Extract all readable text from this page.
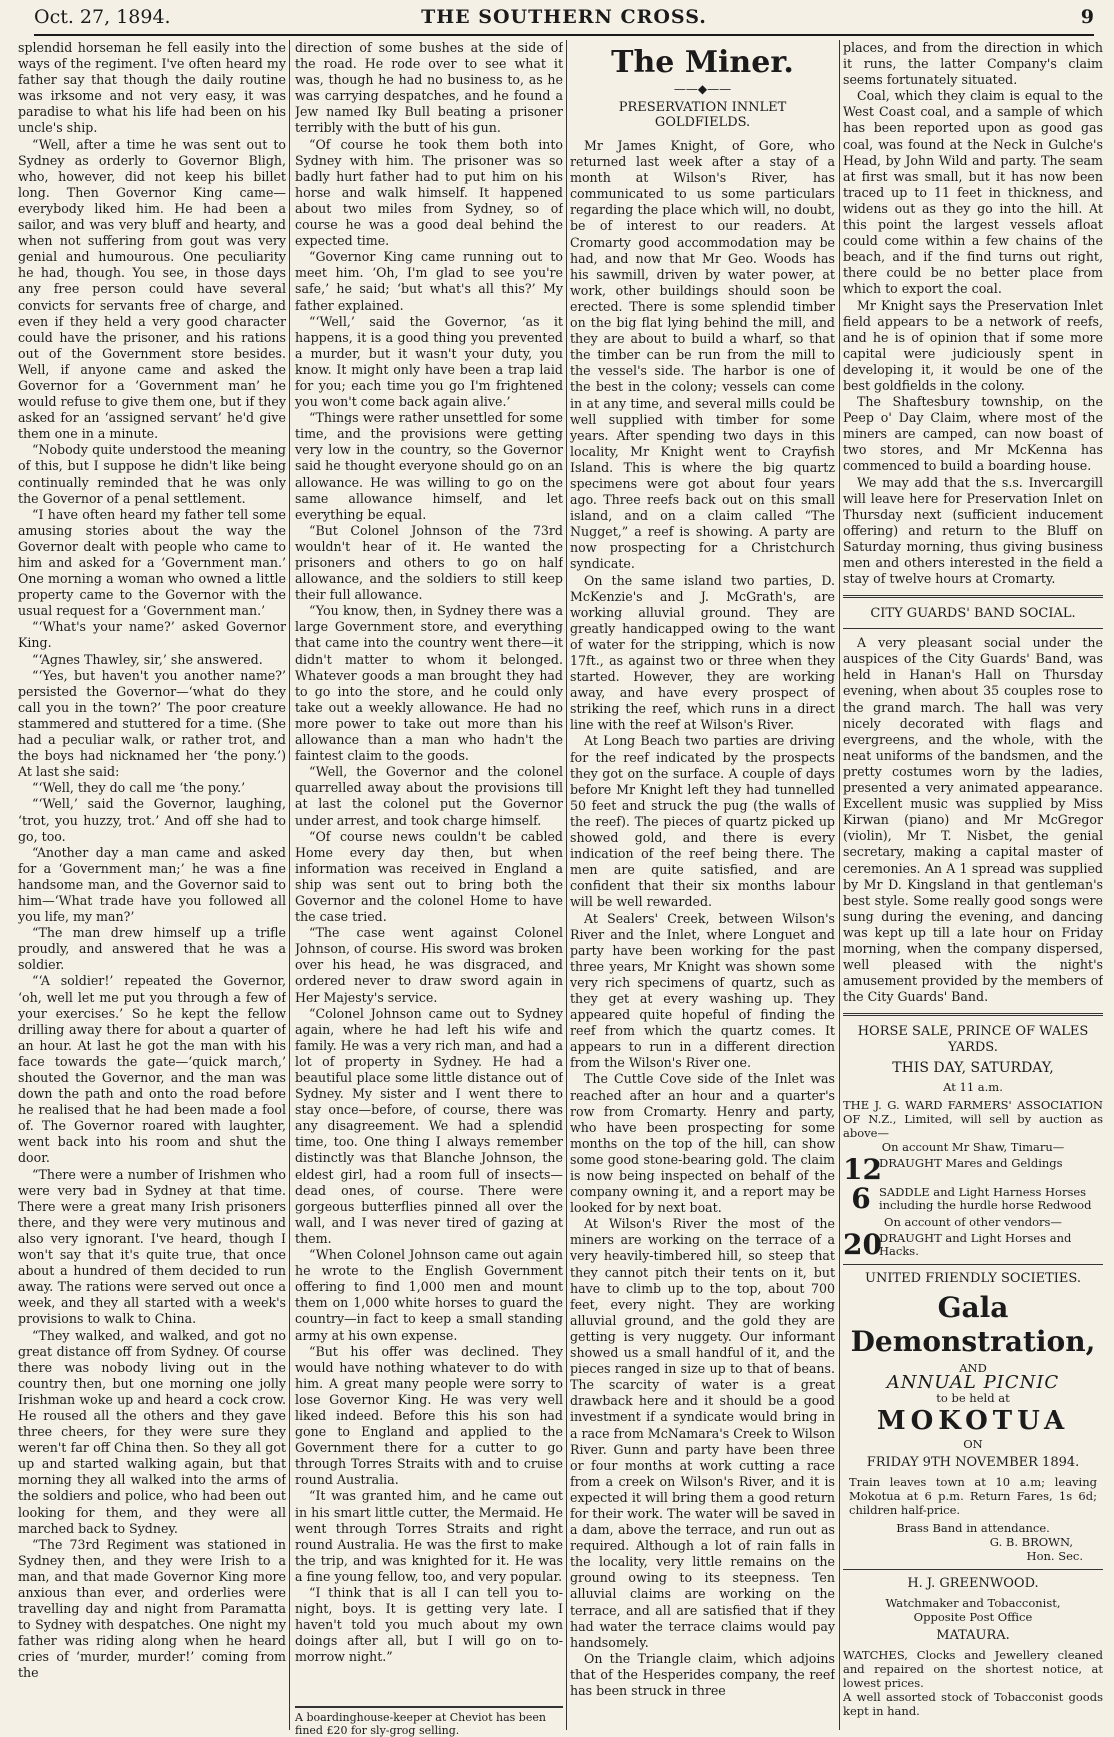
Oct. 27, 1894.	THE SOUTHERN CROSS.	9

splendid horseman he fell easily into the ways of the regiment. I've often heard my father say that though the daily routine was irksome and not very easy, it was paradise to what his life had been on his uncle's ship.

“Well, after a time he was sent out to Sydney as orderly to Governor Bligh, who, however, did not keep his billet long. Then Governor King came—everybody liked him. He had been a sailor, and was very bluff and hearty, and when not suffering from gout was very genial and humourous. One peculiarity he had, though. You see, in those days any free person could have several convicts for servants free of charge, and even if they held a very good character could have the prisoner, and his rations out of the Government store besides. Well, if anyone came and asked the Governor for a ‘Government man’ he would refuse to give them one, but if they asked for an ‘assigned servant’ he'd give them one in a minute.

“Nobody quite understood the meaning of this, but I suppose he didn't like being continually reminded that he was only the Governor of a penal settlement.

“I have often heard my father tell some amusing stories about the way the Governor dealt with people who came to him and asked for a ‘Government man.’ One morning a woman who owned a little property came to the Governor with the usual request for a ‘Government man.’

“‘What's your name?’ asked Governor King.

“‘Agnes Thawley, sir,’ she answered.

“‘Yes, but haven't you another name?’ persisted the Governor—‘what do they call you in the town?’ The poor creature stammered and stuttered for a time. (She had a peculiar walk, or rather trot, and the boys had nicknamed her ‘the pony.’) At last she said:

“‘Well, they do call me ‘the pony.’

“‘Well,’ said the Governor, laughing, ‘trot, you huzzy, trot.’ And off she had to go, too.

“Another day a man came and asked for a ‘Government man;’ he was a fine handsome man, and the Governor said to him—‘What trade have you followed all you life, my man?’

“The man drew himself up a trifle proudly, and answered that he was a soldier.

“‘A soldier!’ repeated the Governor, ‘oh, well let me put you through a few of your exercises.’ So he kept the fellow drilling away there for about a quarter of an hour. At last he got the man with his face towards the gate—‘quick march,’ shouted the Governor, and the man was down the path and onto the road before he realised that he had been made a fool of. The Governor roared with laughter, went back into his room and shut the door.

“There were a number of Irishmen who were very bad in Sydney at that time. There were a great many Irish prisoners there, and they were very mutinous and also very ignorant. I've heard, though I won't say that it's quite true, that once about a hundred of them decided to run away. The rations were served out once a week, and they all started with a week's provisions to walk to China.

“They walked, and walked, and got no great distance off from Sydney. Of course there was nobody living out in the country then, but one morning one jolly Irishman woke up and heard a cock crow. He roused all the others and they gave three cheers, for they were sure they weren't far off China then. So they all got up and started walking again, but that morning they all walked into the arms of the soldiers and police, who had been out looking for them, and they were all marched back to Sydney.

“The 73rd Regiment was stationed in Sydney then, and they were Irish to a man, and that made Governor King more anxious than ever, and orderlies were travelling day and night from Paramatta to Sydney with despatches. One night my father was riding along when he heard cries of ‘murder, murder!’ coming from the

direction of some bushes at the side of the road. He rode over to see what it was, though he had no business to, as he was carrying despatches, and he found a Jew named Iky Bull beating a prisoner terribly with the butt of his gun.

“Of course he took them both into Sydney with him. The prisoner was so badly hurt father had to put him on his horse and walk himself. It happened about two miles from Sydney, so of course he was a good deal behind the expected time.

“Governor King came running out to meet him. ‘Oh, I'm glad to see you're safe,’ he said; ‘but what's all this?’ My father explained.

“‘Well,’ said the Governor, ‘as it happens, it is a good thing you prevented a murder, but it wasn't your duty, you know. It might only have been a trap laid for you; each time you go I'm frightened you won't come back again alive.’

“Things were rather unsettled for some time, and the provisions were getting very low in the country, so the Governor said he thought everyone should go on an allowance. He was willing to go on the same allowance himself, and let everything be equal.

“But Colonel Johnson of the 73rd wouldn't hear of it. He wanted the prisoners and others to go on half allowance, and the soldiers to still keep their full allowance.

“You know, then, in Sydney there was a large Government store, and everything that came into the country went there—it didn't matter to whom it belonged. Whatever goods a man brought they had to go into the store, and he could only take out a weekly allowance. He had no more power to take out more than his allowance than a man who hadn't the faintest claim to the goods.

“Well, the Governor and the colonel quarrelled away about the provisions till at last the colonel put the Governor under arrest, and took charge himself.

“Of course news couldn't be cabled Home every day then, but when information was received in England a ship was sent out to bring both the Governor and the colonel Home to have the case tried.

“The case went against Colonel Johnson, of course. His sword was broken over his head, he was disgraced, and ordered never to draw sword again in Her Majesty's service.

“Colonel Johnson came out to Sydney again, where he had left his wife and family. He was a very rich man, and had a lot of property in Sydney. He had a beautiful place some little distance out of Sydney. My sister and I went there to stay once—before, of course, there was any disagreement. We had a splendid time, too. One thing I always remember distinctly was that Blanche Johnson, the eldest girl, had a room full of insects—dead ones, of course. There were gorgeous butterflies pinned all over the wall, and I was never tired of gazing at them.

“When Colonel Johnson came out again he wrote to the English Government offering to find 1,000 men and mount them on 1,000 white horses to guard the country—in fact to keep a small standing army at his own expense.

“But his offer was declined. They would have nothing whatever to do with him. A great many people were sorry to lose Governor King. He was very well liked indeed. Before this his son had gone to England and applied to the Government there for a cutter to go through Torres Straits with and to cruise round Australia.

“It was granted him, and he came out in his smart little cutter, the Mermaid. He went through Torres Straits and right round Australia. He was the first to make the trip, and was knighted for it. He was a fine young fellow, too, and very popular.

“I think that is all I can tell you to-night, boys. It is getting very late. I haven't told you much about my own doings after all, but I will go on to-morrow night.”

A boardinghouse-keeper at Cheviot has been fined £20 for sly-grog selling.
The Miner.
——◆——
PRESERVATION INNLET GOLDFIELDS.

Mr James Knight, of Gore, who returned last week after a stay of a month at Wilson's River, has communicated to us some particulars regarding the place which will, no doubt, be of interest to our readers. At Cromarty good accommodation may be had, and now that Mr Geo. Woods has his sawmill, driven by water power, at work, other buildings should soon be erected. There is some splendid timber on the big flat lying behind the mill, and they are about to build a wharf, so that the timber can be run from the mill to the vessel's side. The harbor is one of the best in the colony; vessels can come in at any time, and several mills could be well supplied with timber for some years. After spending two days in this locality, Mr Knight went to Crayfish Island. This is where the big quartz specimens were got about four years ago. Three reefs back out on this small island, and on a claim called “The Nugget,” a reef is showing. A party are now prospecting for a Christchurch syndicate.

On the same island two parties, D. McKenzie's and J. McGrath's, are working alluvial ground. They are greatly handicapped owing to the want of water for the stripping, which is now 17ft., as against two or three when they started. However, they are working away, and have every prospect of striking the reef, which runs in a direct line with the reef at Wilson's River.

At Long Beach two parties are driving for the reef indicated by the prospects they got on the surface. A couple of days before Mr Knight left they had tunnelled 50 feet and struck the pug (the walls of the reef). The pieces of quartz picked up showed gold, and there is every indication of the reef being there. The men are quite satisfied, and are confident that their six months labour will be well rewarded.

At Sealers' Creek, between Wilson's River and the Inlet, where Longuet and party have been working for the past three years, Mr Knight was shown some very rich specimens of quartz, such as they get at every washing up. They appeared quite hopeful of finding the reef from which the quartz comes. It appears to run in a different direction from the Wilson's River one.

The Cuttle Cove side of the Inlet was reached after an hour and a quarter's row from Cromarty. Henry and party, who have been prospecting for some months on the top of the hill, can show some good stone-bearing gold. The claim is now being inspected on behalf of the company owning it, and a report may be looked for by next boat.

At Wilson's River the most of the miners are working on the terrace of a very heavily-timbered hill, so steep that they cannot pitch their tents on it, but have to climb up to the top, about 700 feet, every night. They are working alluvial ground, and the gold they are getting is very nuggety. Our informant showed us a small handful of it, and the pieces ranged in size up to that of beans. The scarcity of water is a great drawback here and it should be a good investment if a syndicate would bring in a race from McNamara's Creek to Wilson River. Gunn and party have been three or four months at work cutting a race from a creek on Wilson's River, and it is expected it will bring them a good return for their work. The water will be saved in a dam, above the terrace, and run out as required. Although a lot of rain falls in the locality, very little remains on the ground owing to its steepness. Ten alluvial claims are working on the terrace, and all are satisfied that if they had water the terrace claims would pay handsomely.

On the Triangle claim, which adjoins that of the Hesperides company, the reef has been struck in three

places, and from the direction in which it runs, the latter Company's claim seems fortunately situated.

Coal, which they claim is equal to the West Coast coal, and a sample of which has been reported upon as good gas coal, was found at the Neck in Gulche's Head, by John Wild and party. The seam at first was small, but it has now been traced up to 11 feet in thickness, and widens out as they go into the hill. At this point the largest vessels afloat could come within a few chains of the beach, and if the find turns out right, there could be no better place from which to export the coal.

Mr Knight says the Preservation Inlet field appears to be a network of reefs, and he is of opinion that if some more capital were judiciously spent in developing it, it would be one of the best goldfields in the colony.

The Shaftesbury township, on the Peep o' Day Claim, where most of the miners are camped, can now boast of two stores, and Mr McKenna has commenced to build a boarding house.

We may add that the s.s. Invercargill will leave here for Preservation Inlet on Thursday next (sufficient inducement offering) and return to the Bluff on Saturday morning, thus giving business men and others interested in the field a stay of twelve hours at Cromarty.

CITY GUARDS' BAND SOCIAL.

A very pleasant social under the auspices of the City Guards' Band, was held in Hanan's Hall on Thursday evening, when about 35 couples rose to the grand march. The hall was very nicely decorated with flags and evergreens, and the whole, with the neat uniforms of the bandsmen, and the pretty costumes worn by the ladies, presented a very animated appearance. Excellent music was supplied by Miss Kirwan (piano) and Mr McGregor (violin), Mr T. Nisbet, the genial secretary, making a capital master of ceremonies. An A 1 spread was supplied by Mr D. Kingsland in that gentleman's best style. Some really good songs were sung during the evening, and dancing was kept up till a late hour on Friday morning, when the company dispersed, well pleased with the night's amusement provided by the members of the City Guards' Band.

HORSE SALE, PRINCE OF WALES YARDS.
THIS DAY, SATURDAY,
At 11 a.m.
THE J. G. WARD FARMERS' ASSOCIATION OF N.Z., Limited, will sell by auction as above—
On account Mr Shaw, Timaru—
12
DRAUGHT Mares and Geldings
6 SADDLE and Light Harness Horses including the hurdle horse Redwood
On account of other vendors—
20
DRAUGHT and Light Horses and Hacks.
UNITED FRIENDLY SOCIETIES.
Gala Demonstration,
AND
ANNUAL PICNIC
to be held at
MOKOTUA
ON
FRIDAY 9TH NOVEMBER 1894.
Train leaves town at 10 a.m; leaving Mokotua at 6 p.m. Return Fares, 1s 6d; children half-price.
Brass Band in attendance.
G. B. BROWN,
Hon. Sec.
H. J. GREENWOOD.
Watchmaker and Tobacconist,
Opposite Post Office
MATAURA.
WATCHES, Clocks and Jewellery cleaned and repaired on the shortest notice, at lowest prices.
A well assorted stock of Tobacconist goods kept in hand.
